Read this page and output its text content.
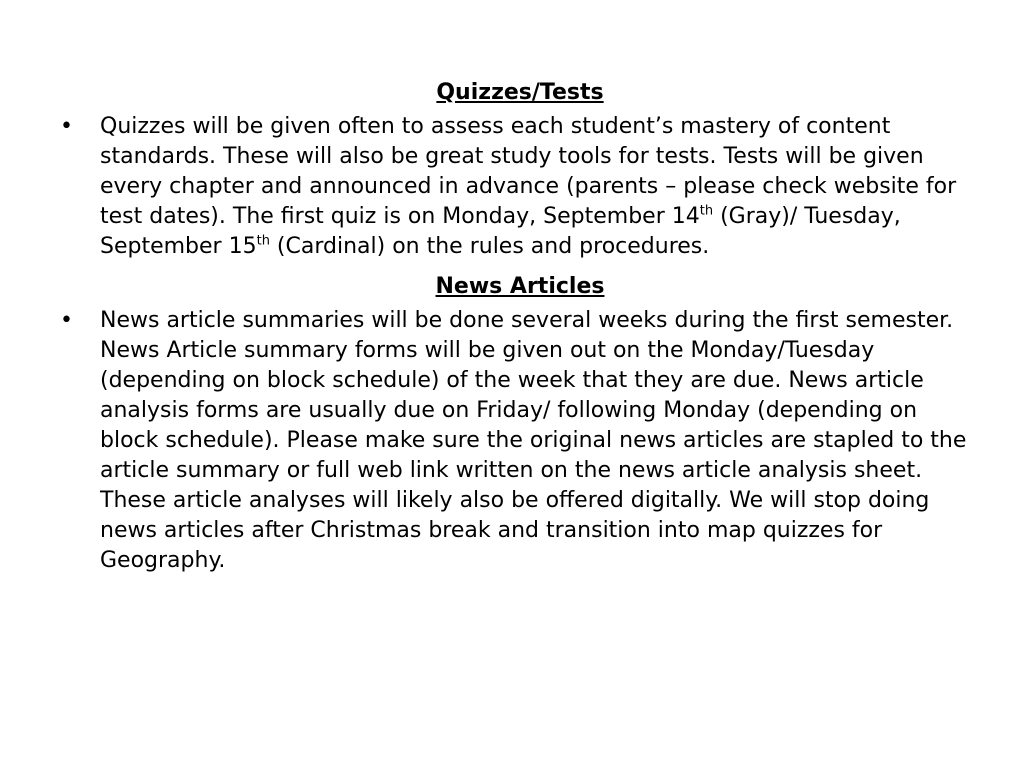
Quizzes/Tests
•	Quizzes will be given often to assess each student’s mastery of content standards. These will also be great study tools for tests. Tests will be given every chapter and announced in advance (parents – please check website for test dates). The first quiz is on Monday, September 14th (Gray)/ Tuesday, September 15th (Cardinal) on the rules and procedures.
News Articles
•	News article summaries will be done several weeks during the first semester. News Article summary forms will be given out on the Monday/Tuesday (depending on block schedule) of the week that they are due. News article analysis forms are usually due on Friday/ following Monday (depending on block schedule). Please make sure the original news articles are stapled to the article summary or full web link written on the news article analysis sheet. These article analyses will likely also be offered digitally. We will stop doing news articles after Christmas break and transition into map quizzes for Geography.
